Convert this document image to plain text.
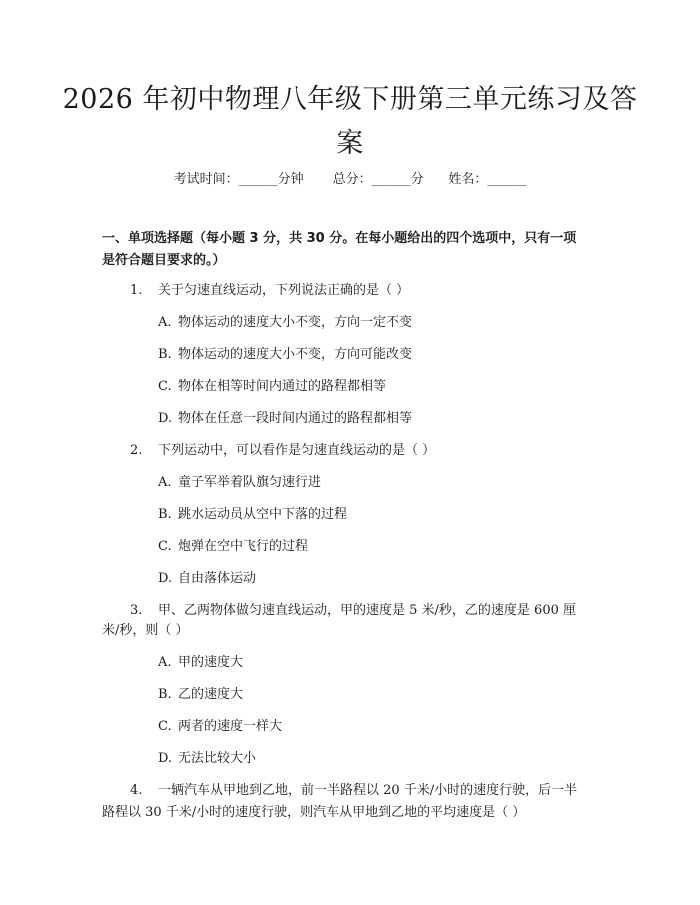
2026 年初中物理八年级下册第三单元练习及答案
考试时间：______分钟 总分：______分 姓名：______
一、单项选择题（每小题 3 分，共 30 分。在每小题给出的四个选项中，只有一项
是符合题目要求的。）
1. 关于匀速直线运动，下列说法正确的是（ ）
A. 物体运动的速度大小不变，方向一定不变
B. 物体运动的速度大小不变，方向可能改变
C. 物体在相等时间内通过的路程都相等
D. 物体在任意一段时间内通过的路程都相等
2. 下列运动中，可以看作是匀速直线运动的是（ ）
A. 童子军举着队旗匀速行进
B. 跳水运动员从空中下落的过程
C. 炮弹在空中飞行的过程
D. 自由落体运动
3. 甲、乙两物体做匀速直线运动，甲的速度是 5 米/秒，乙的速度是 600 厘
米/秒，则（ ）
A. 甲的速度大
B. 乙的速度大
C. 两者的速度一样大
D. 无法比较大小
4. 一辆汽车从甲地到乙地，前一半路程以 20 千米/小时的速度行驶，后一半
路程以 30 千米/小时的速度行驶，则汽车从甲地到乙地的平均速度是（ ）
